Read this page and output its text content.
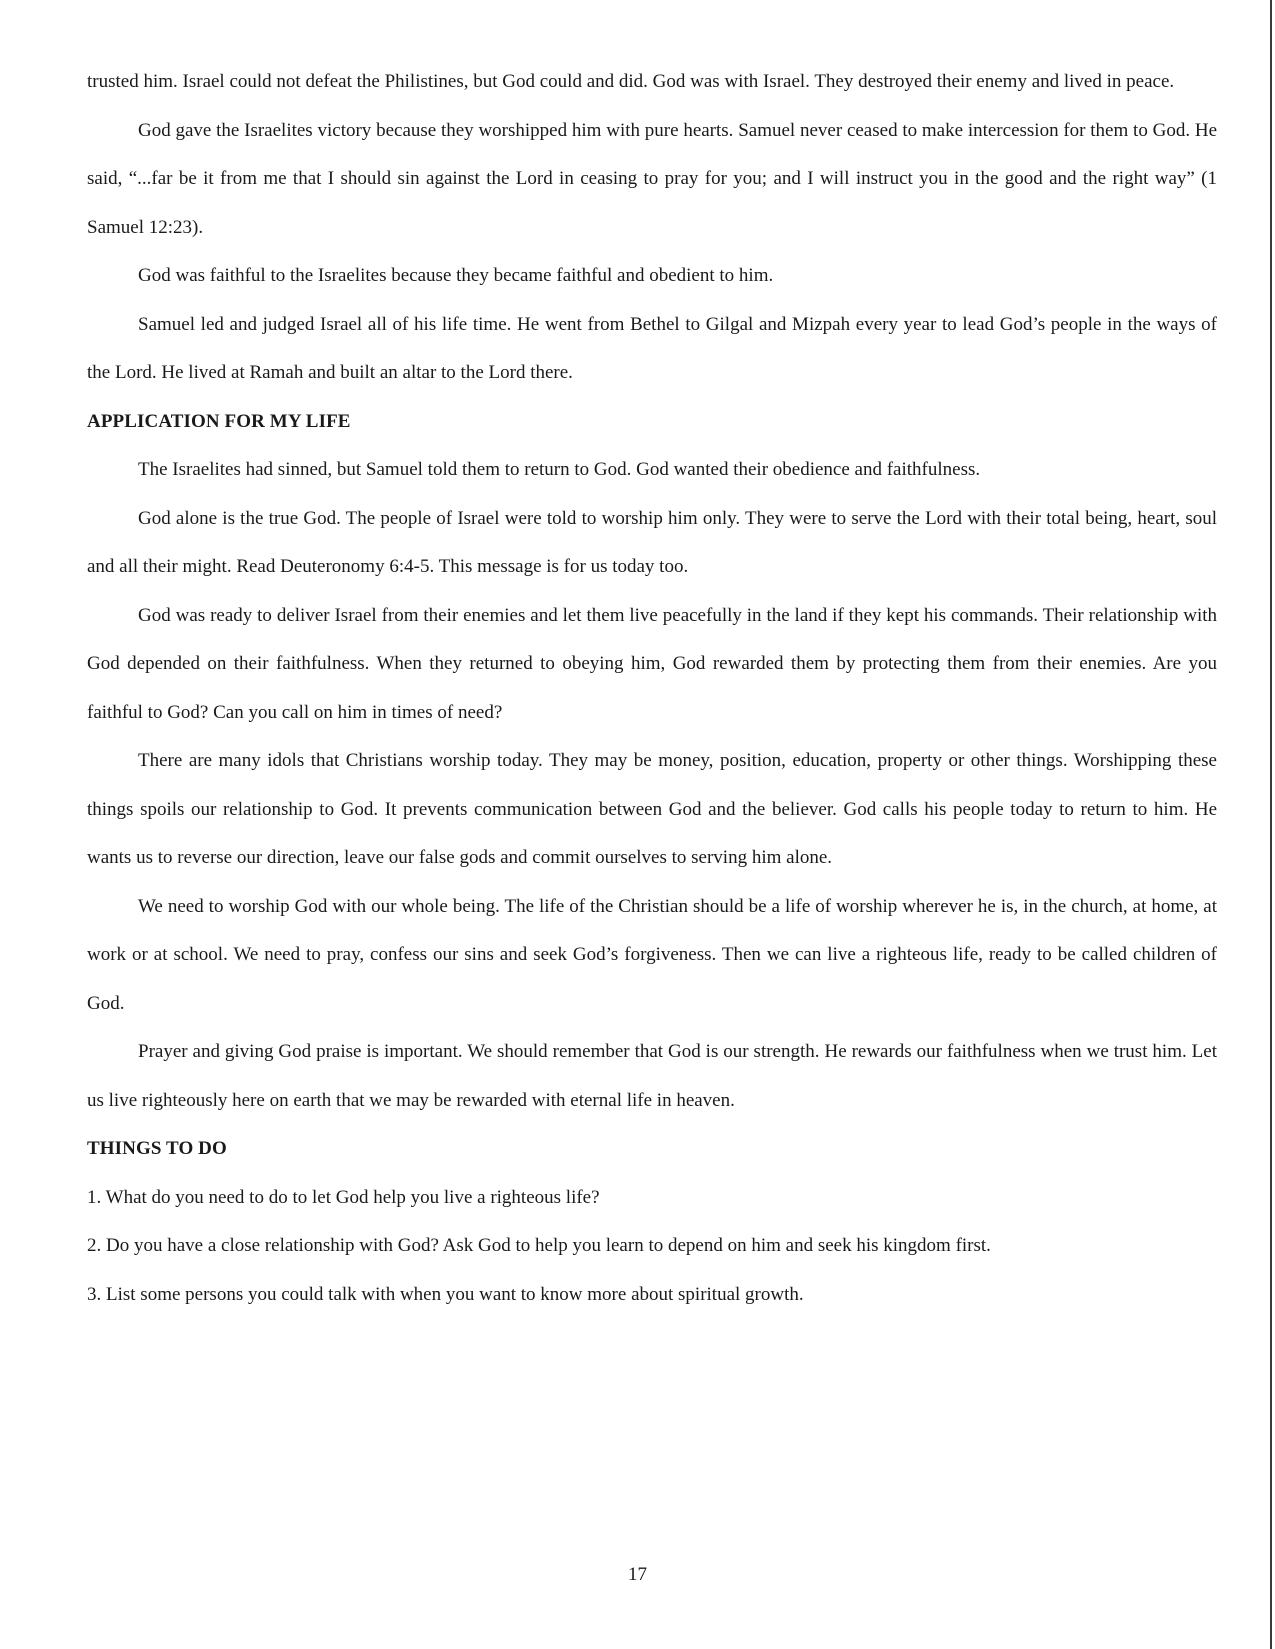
trusted him. Israel could not defeat the Philistines, but God could and did. God was with Israel. They destroyed their enemy and lived in peace.

God gave the Israelites victory because they worshipped him with pure hearts. Samuel never ceased to make intercession for them to God. He said, “...far be it from me that I should sin against the Lord in ceasing to pray for you; and I will instruct you in the good and the right way” (1 Samuel 12:23).

God was faithful to the Israelites because they became faithful and obedient to him.

Samuel led and judged Israel all of his life time. He went from Bethel to Gilgal and Mizpah every year to lead God’s people in the ways of the Lord. He lived at Ramah and built an altar to the Lord there.

APPLICATION FOR MY LIFE

The Israelites had sinned, but Samuel told them to return to God. God wanted their obedience and faithfulness.

God alone is the true God. The people of Israel were told to worship him only. They were to serve the Lord with their total being, heart, soul and all their might. Read Deuteronomy 6:4-5. This message is for us today too.

God was ready to deliver Israel from their enemies and let them live peacefully in the land if they kept his commands. Their relationship with God depended on their faithfulness. When they returned to obeying him, God rewarded them by protecting them from their enemies. Are you faithful to God? Can you call on him in times of need?

There are many idols that Christians worship today. They may be money, position, education, property or other things. Worshipping these things spoils our relationship to God. It prevents communication between God and the believer. God calls his people today to return to him. He wants us to reverse our direction, leave our false gods and commit ourselves to serving him alone.

We need to worship God with our whole being. The life of the Christian should be a life of worship wherever he is, in the church, at home, at work or at school. We need to pray, confess our sins and seek God’s forgiveness. Then we can live a righteous life, ready to be called children of God.

Prayer and giving God praise is important. We should remember that God is our strength. He rewards our faithfulness when we trust him. Let us live righteously here on earth that we may be rewarded with eternal life in heaven.

THINGS TO DO

1. What do you need to do to let God help you live a righteous life?

2. Do you have a close relationship with God? Ask God to help you learn to depend on him and seek his kingdom first.

3. List some persons you could talk with when you want to know more about spiritual growth.

17
